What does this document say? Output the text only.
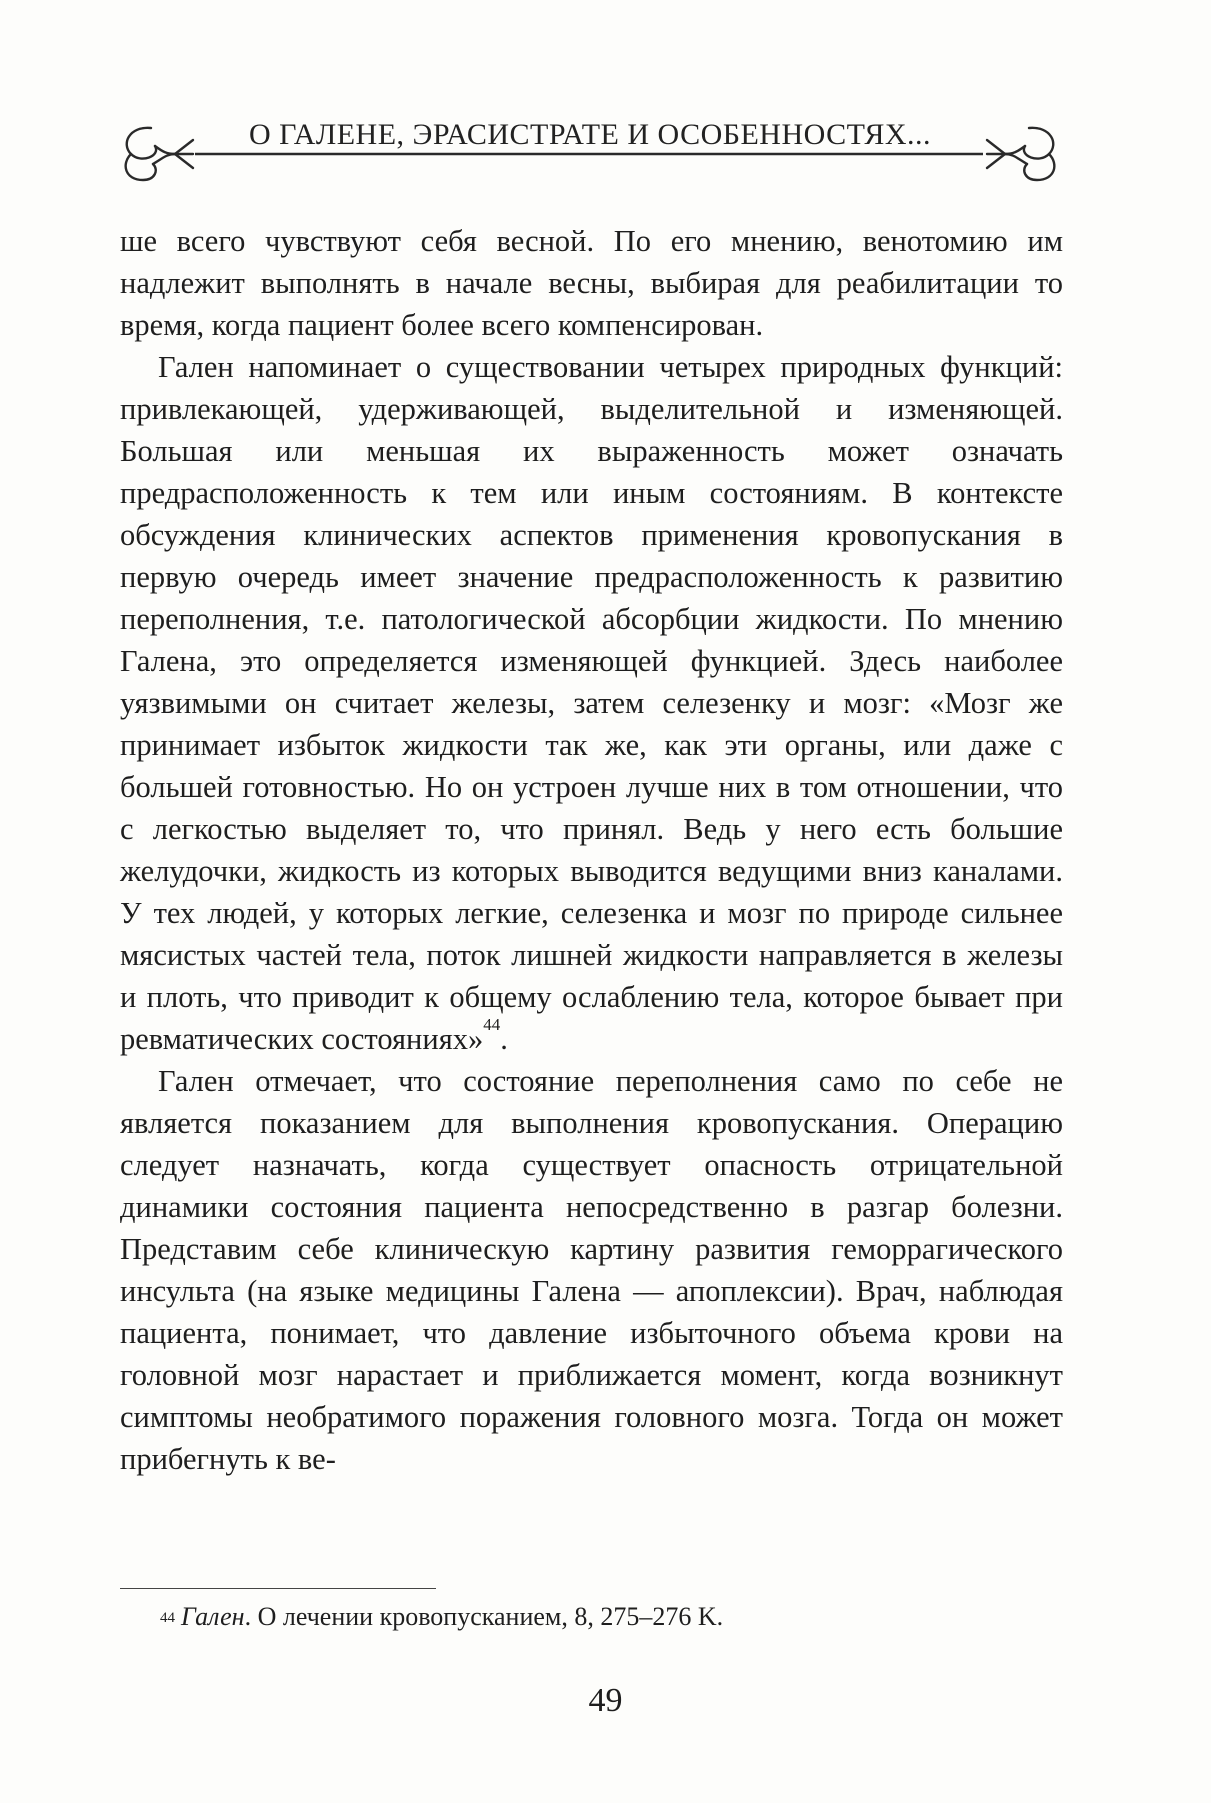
О ГАЛЕНЕ, ЭРАСИСТРАТЕ И ОСОБЕННОСТЯХ...

ше всего чувствуют себя весной. По его мнению, венотомию им надлежит выполнять в начале весны, выбирая для реабилитации то время, когда пациент более всего компенсирован.

Гален напоминает о существовании четырех природных функций: привлекающей, удерживающей, выделительной и изменяющей. Большая или меньшая их выраженность может означать предрасположенность к тем или иным состояниям. В контексте обсуждения клинических аспектов применения кровопускания в первую очередь имеет значение предрасположенность к развитию переполнения, т.е. патологической абсорбции жидкости. По мнению Галена, это определяется изменяющей функцией. Здесь наиболее уязвимыми он считает железы, затем селезенку и мозг: «Мозг же принимает избыток жидкости так же, как эти органы, или даже с большей готовностью. Но он устроен лучше них в том отношении, что с легкостью выделяет то, что принял. Ведь у него есть большие желудочки, жидкость из которых выводится ведущими вниз каналами. У тех людей, у которых легкие, селезенка и мозг по природе сильнее мясистых частей тела, поток лишней жидкости направляется в железы и плоть, что приводит к общему ослаблению тела, которое бывает при ревматических состояниях»$^{44}$.

Гален отмечает, что состояние переполнения само по себе не является показанием для выполнения кровопускания. Операцию следует назначать, когда существует опасность отрицательной динамики состояния пациента непосредственно в разгар болезни. Представим себе клиническую картину развития геморрагического инсульта (на языке медицины Галена — апоплексии). Врач, наблюдая пациента, понимает, что давление избыточного объема крови на головной мозг нарастает и приближается момент, когда возникнут симптомы необратимого поражения головного мозга. Тогда он может прибегнуть к ве-

$^{44}$ Гален. О лечении кровопусканием, 8, 275–276 K.
49
